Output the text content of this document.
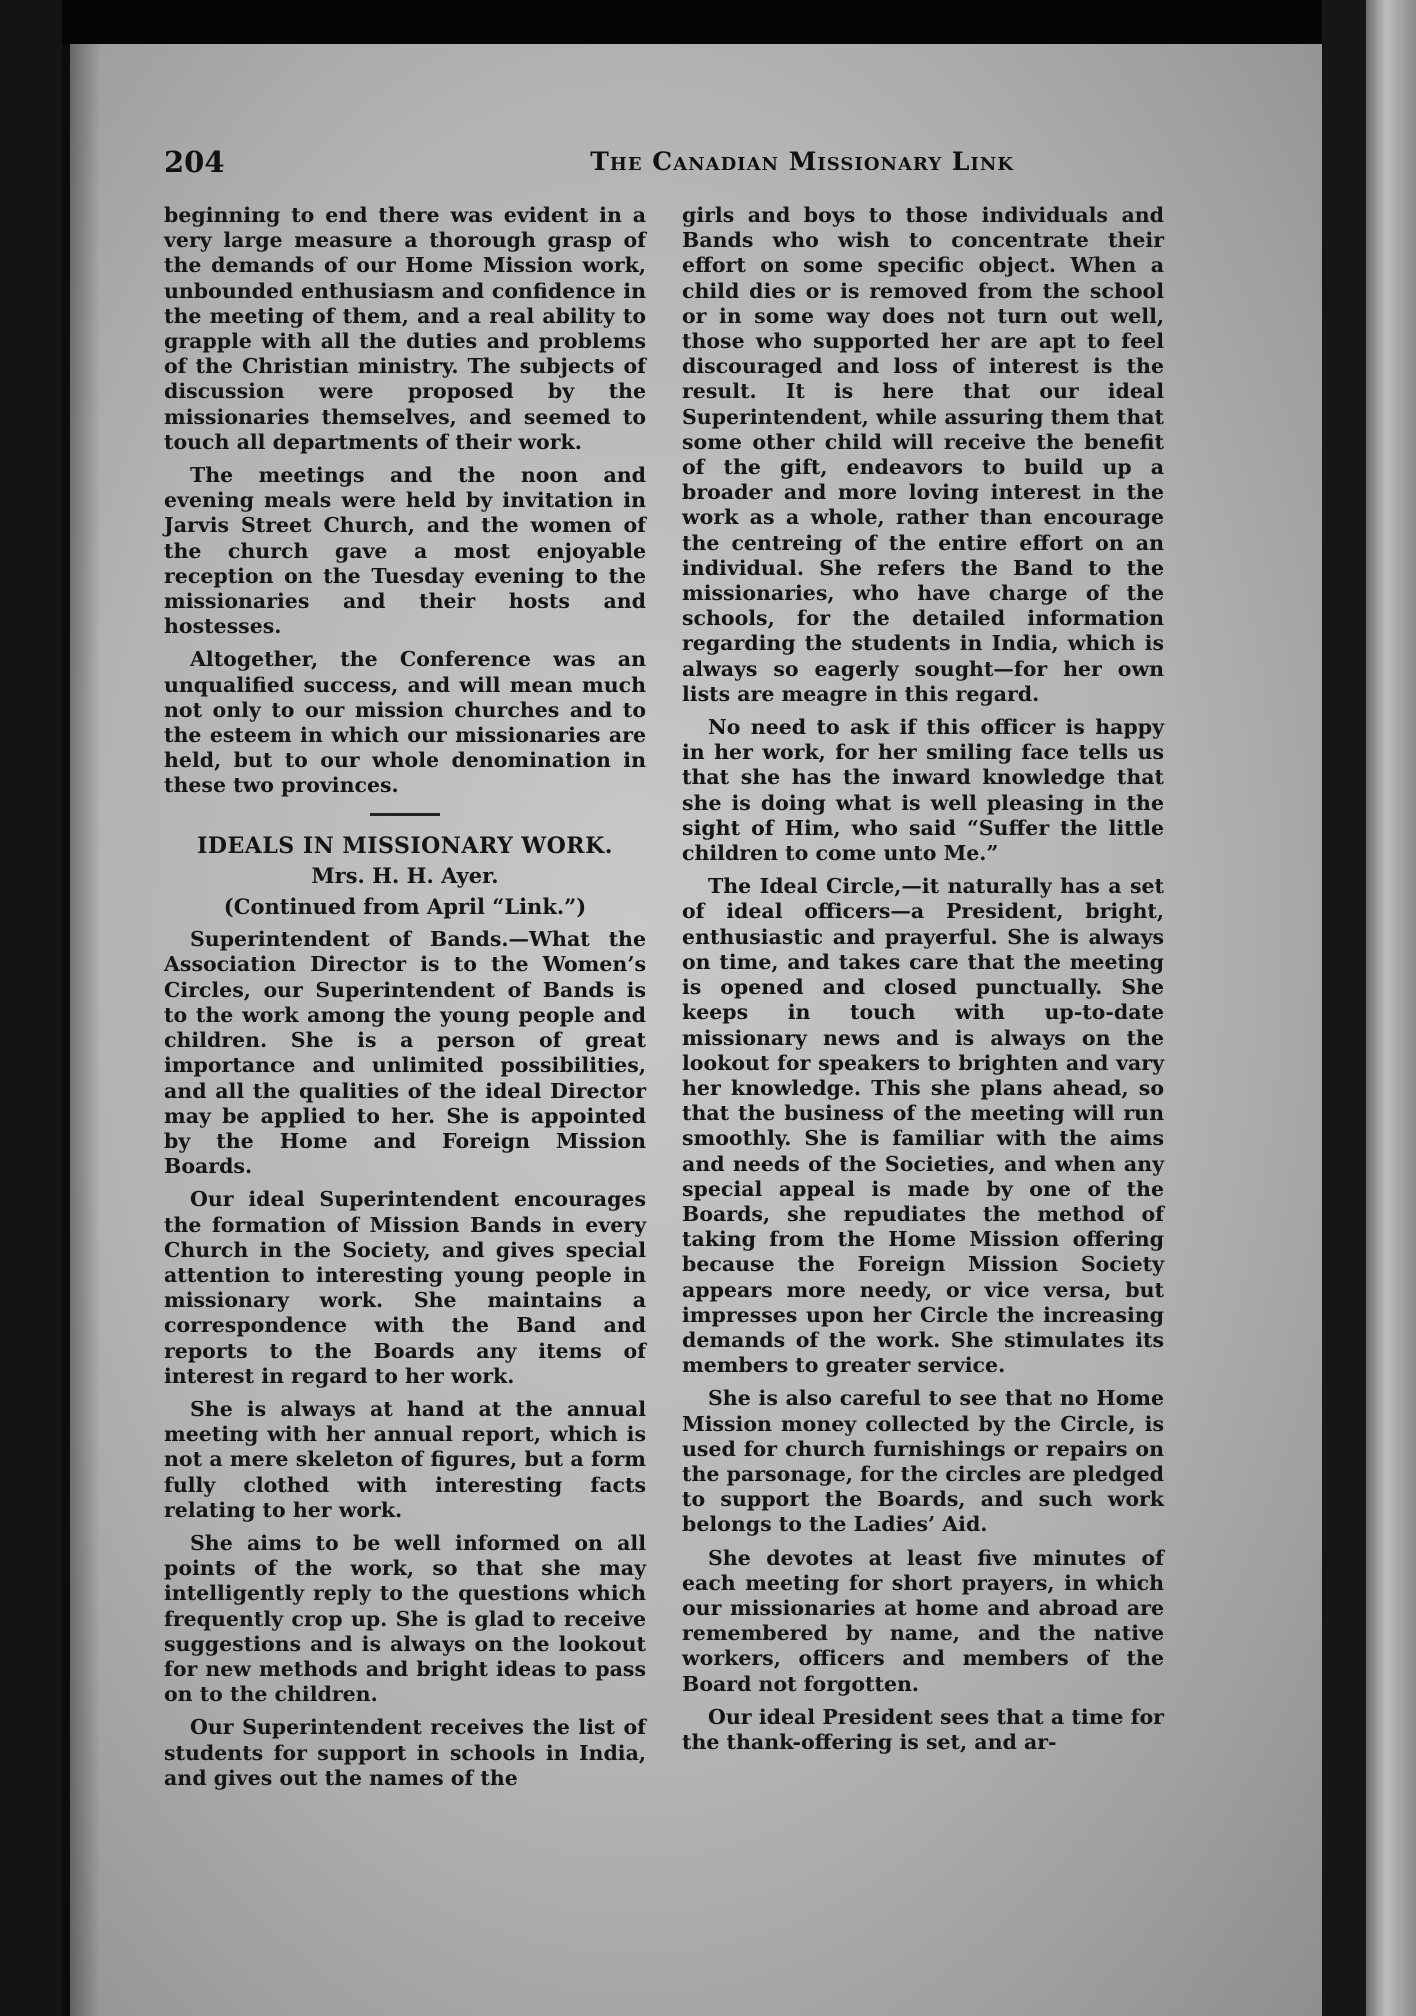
204	The Canadian Missionary Link

beginning to end there was evident in a very large measure a thorough grasp of the demands of our Home Mission work, unbounded enthusiasm and confidence in the meeting of them, and a real ability to grapple with all the duties and problems of the Christian ministry. The subjects of discussion were proposed by the missionaries themselves, and seemed to touch all departments of their work.

The meetings and the noon and evening meals were held by invitation in Jarvis Street Church, and the women of the church gave a most enjoyable reception on the Tuesday evening to the missionaries and their hosts and hostesses.

Altogether, the Conference was an unqualified success, and will mean much not only to our mission churches and to the esteem in which our missionaries are held, but to our whole denomination in these two provinces.

IDEALS IN MISSIONARY WORK.
Mrs. H. H. Ayer.
(Continued from April “Link.”)

Superintendent of Bands.—What the Association Director is to the Women’s Circles, our Superintendent of Bands is to the work among the young people and children. She is a person of great importance and unlimited possibilities, and all the qualities of the ideal Director may be applied to her. She is appointed by the Home and Foreign Mission Boards.

Our ideal Superintendent encourages the formation of Mission Bands in every Church in the Society, and gives special attention to interesting young people in missionary work. She maintains a correspondence with the Band and reports to the Boards any items of interest in regard to her work.

She is always at hand at the annual meeting with her annual report, which is not a mere skeleton of figures, but a form fully clothed with interesting facts relating to her work.

She aims to be well informed on all points of the work, so that she may intelligently reply to the questions which frequently crop up. She is glad to receive suggestions and is always on the lookout for new methods and bright ideas to pass on to the children.

Our Superintendent receives the list of students for support in schools in India, and gives out the names of the

girls and boys to those individuals and Bands who wish to concentrate their effort on some specific object. When a child dies or is removed from the school or in some way does not turn out well, those who supported her are apt to feel discouraged and loss of interest is the result. It is here that our ideal Superintendent, while assuring them that some other child will receive the benefit of the gift, endeavors to build up a broader and more loving interest in the work as a whole, rather than encourage the centreing of the entire effort on an individual. She refers the Band to the missionaries, who have charge of the schools, for the detailed information regarding the students in India, which is always so eagerly sought—for her own lists are meagre in this regard.

No need to ask if this officer is happy in her work, for her smiling face tells us that she has the inward knowledge that she is doing what is well pleasing in the sight of Him, who said “Suffer the little children to come unto Me.”

The Ideal Circle,—it naturally has a set of ideal officers—a President, bright, enthusiastic and prayerful. She is always on time, and takes care that the meeting is opened and closed punctually. She keeps in touch with up-to-date missionary news and is always on the lookout for speakers to brighten and vary her knowledge. This she plans ahead, so that the business of the meeting will run smoothly. She is familiar with the aims and needs of the Societies, and when any special appeal is made by one of the Boards, she repudiates the method of taking from the Home Mission offering because the Foreign Mission Society appears more needy, or vice versa, but impresses upon her Circle the increasing demands of the work. She stimulates its members to greater service.

She is also careful to see that no Home Mission money collected by the Circle, is used for church furnishings or repairs on the parsonage, for the circles are pledged to support the Boards, and such work belongs to the Ladies’ Aid.

She devotes at least five minutes of each meeting for short prayers, in which our missionaries at home and abroad are remembered by name, and the native workers, officers and members of the Board not forgotten.

Our ideal President sees that a time for the thank-offering is set, and ar-
